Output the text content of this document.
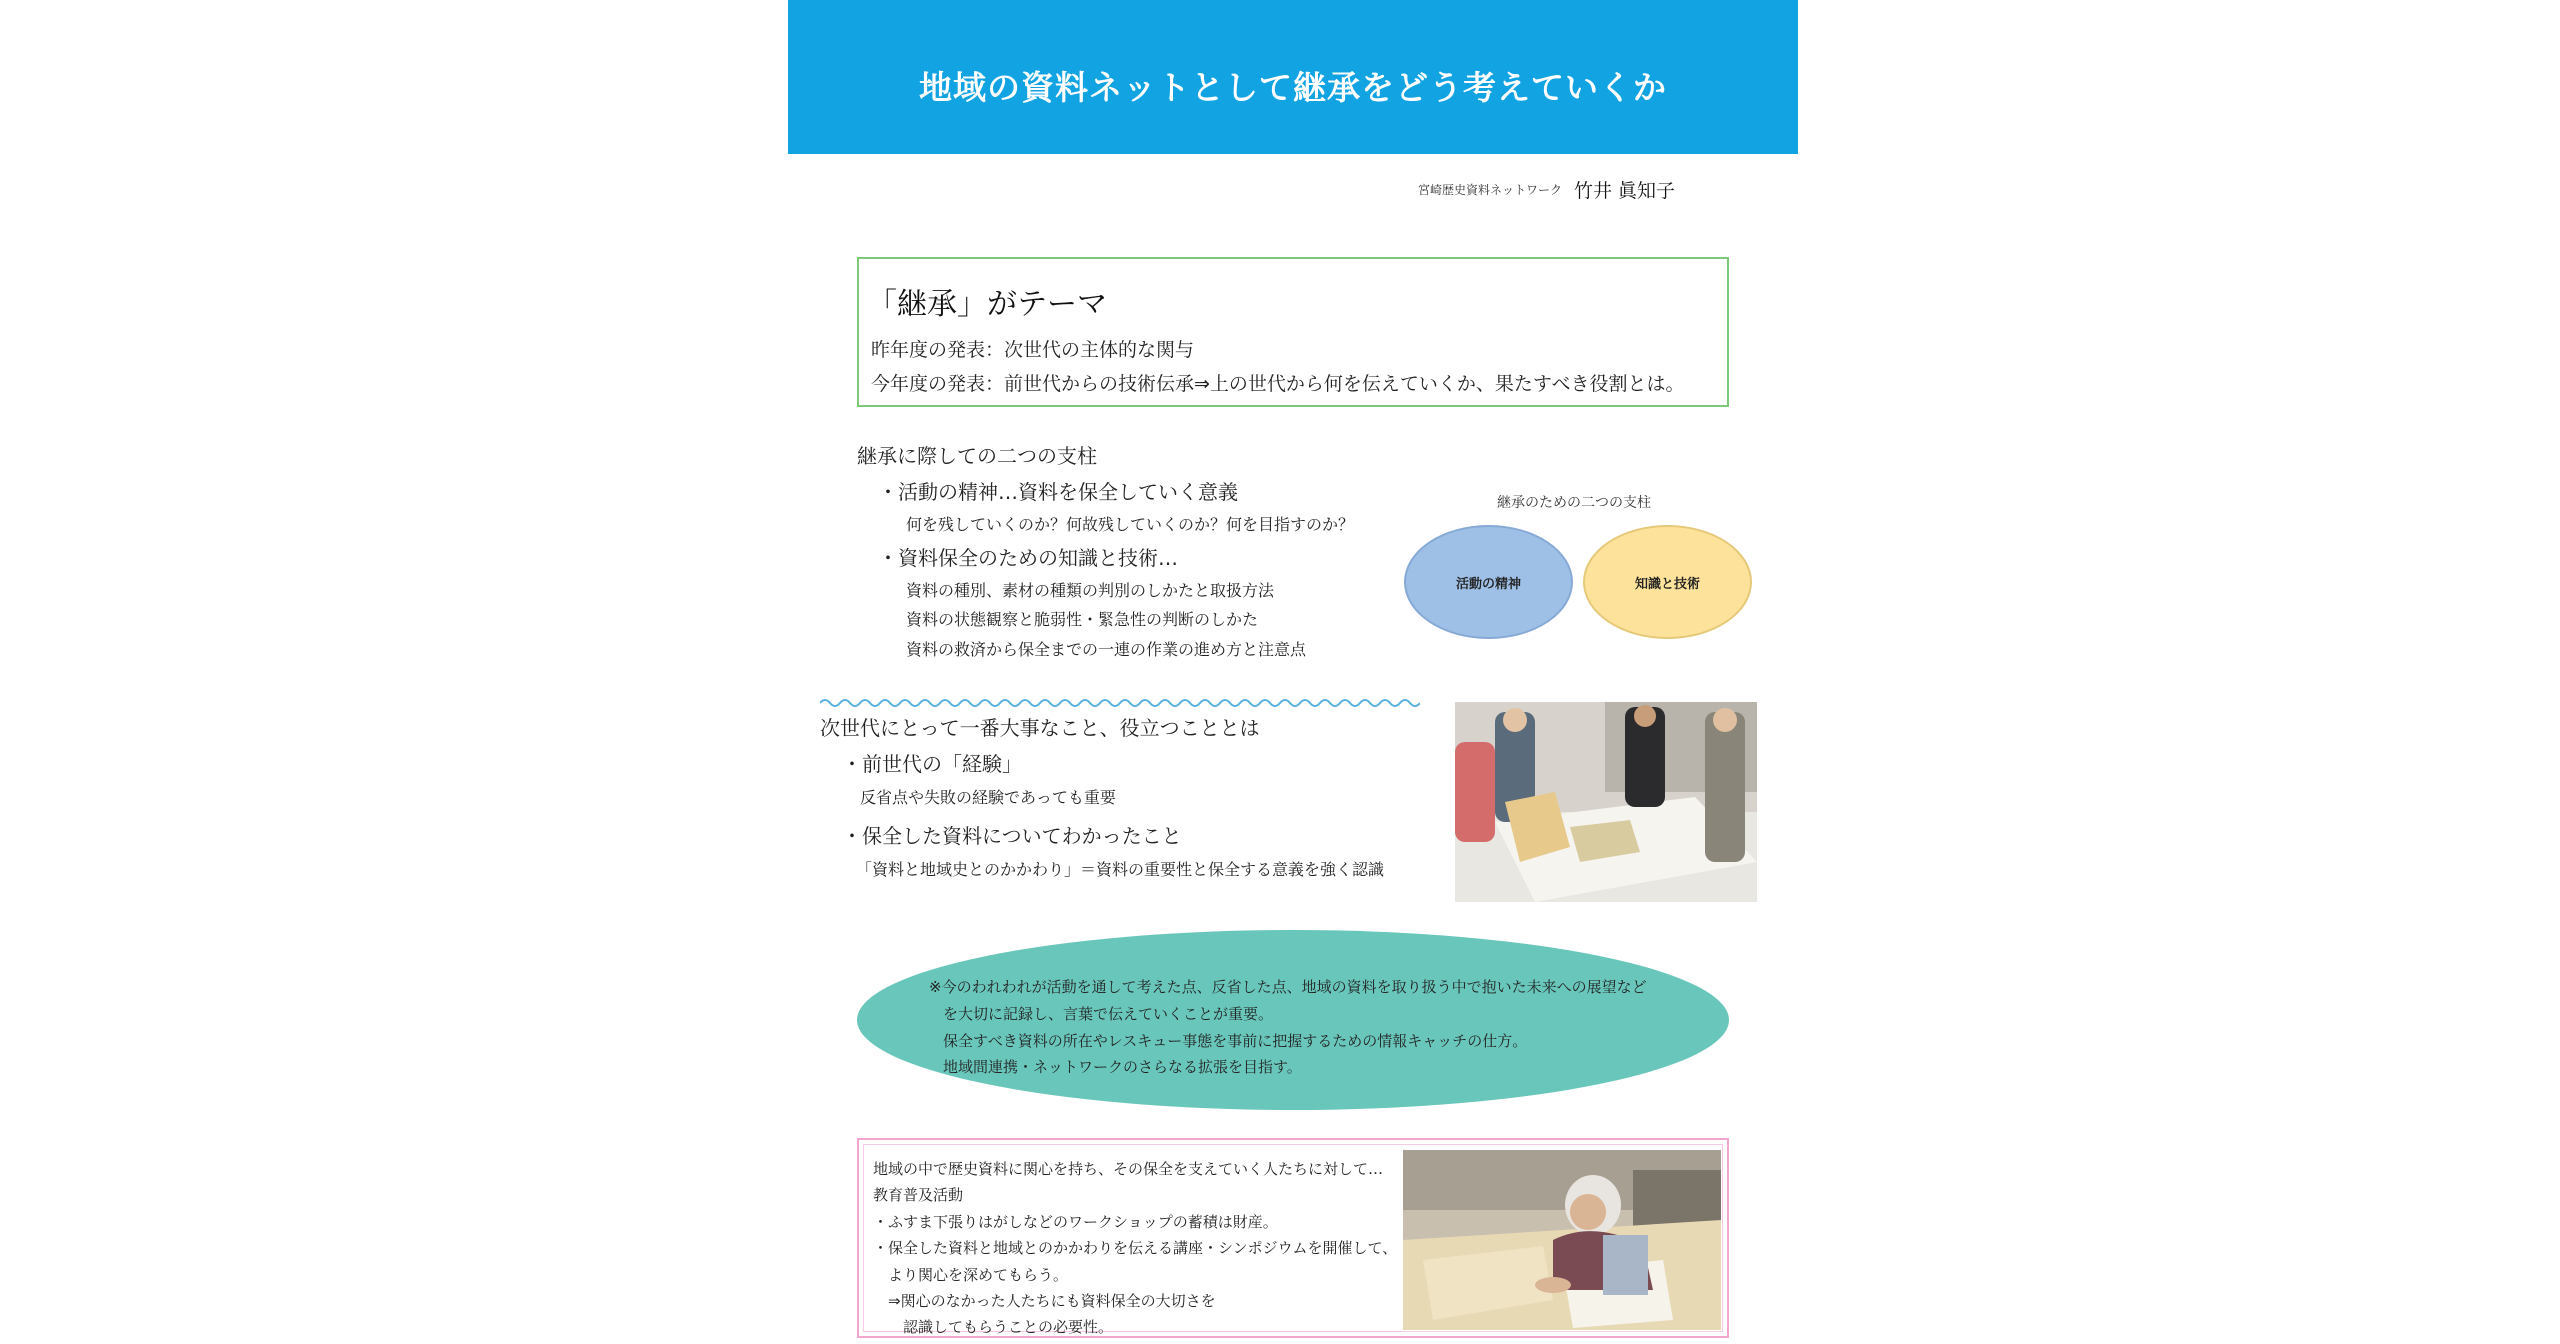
地域の資料ネットとして継承をどう考えていくか
宮崎歴史資料ネットワーク 竹井 眞知子
「継承」がテーマ
昨年度の発表：次世代の主体的な関与
今年度の発表：前世代からの技術伝承⇒上の世代から何を伝えていくか、果たすべき役割とは。
継承に際しての二つの支柱
・活動の精神…資料を保全していく意義
何を残していくのか？何故残していくのか？何を目指すのか？
・資料保全のための知識と技術…
資料の種別、素材の種類の判別のしかたと取扱方法
資料の状態観察と脆弱性・緊急性の判断のしかた
資料の救済から保全までの一連の作業の進め方と注意点
継承のための二つの支柱
活動の精神	知識と技術
次世代にとって一番大事なこと、役立つこととは
・前世代の「経験」
反省点や失敗の経験であっても重要
・保全した資料についてわかったこと
「資料と地域史とのかかわり」＝資料の重要性と保全する意義を強く認識
※今のわれわれが活動を通して考えた点、反省した点、地域の資料を取り扱う中で抱いた未来への展望など
を大切に記録し、言葉で伝えていくことが重要。
保全すべき資料の所在やレスキュー事態を事前に把握するための情報キャッチの仕方。
地域間連携・ネットワークのさらなる拡張を目指す。
地域の中で歴史資料に関心を持ち、その保全を支えていく人たちに対して…
教育普及活動
・ふすま下張りはがしなどのワークショップの蓄積は財産。
・保全した資料と地域とのかかわりを伝える講座・シンポジウムを開催して、
　より関心を深めてもらう。
　⇒関心のなかった人たちにも資料保全の大切さを
　　認識してもらうことの必要性。
